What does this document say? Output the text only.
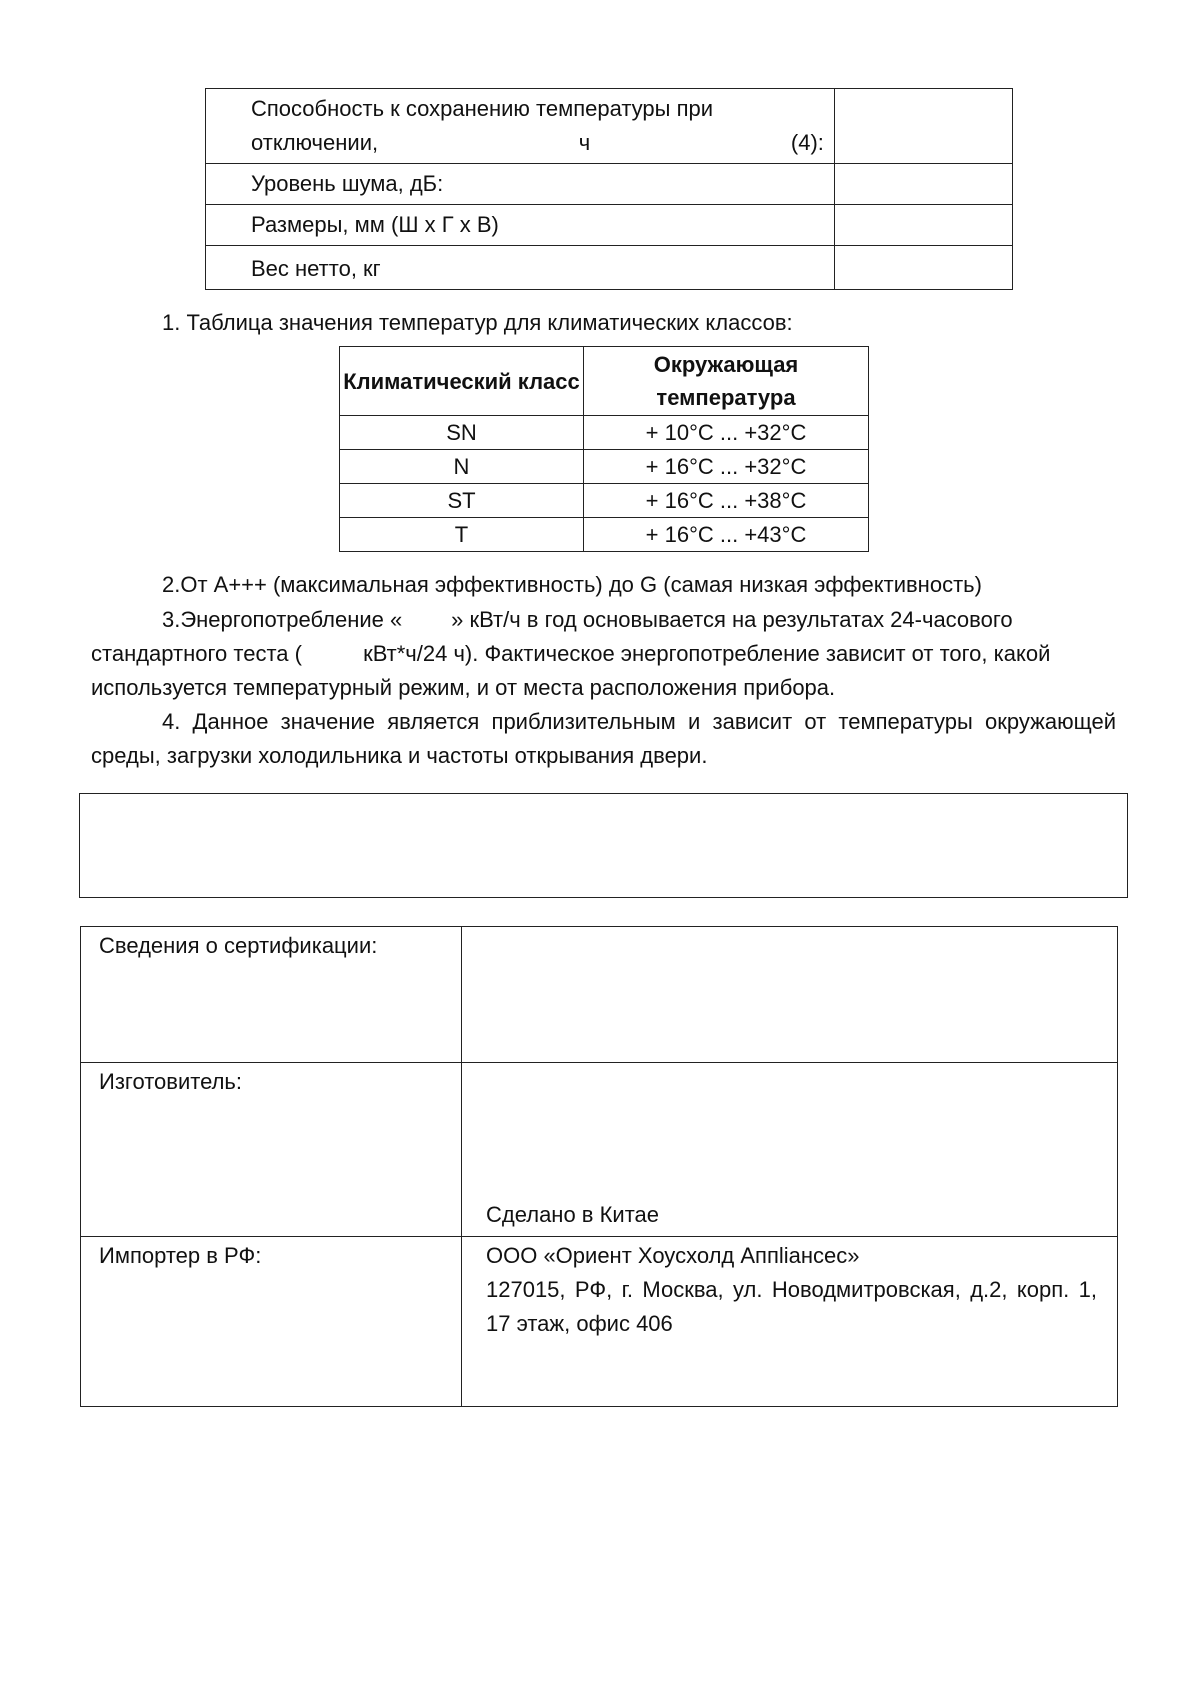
Способность к сохранению температуры при отключении, ч (4):	

Уровень шума, дБ:	
Размеры, мм (Ш х Г х В)	
Вес нетто, кг	
1. Таблица значения температур для климатических классов:
Климатический класс	Окружающая температура
SN	+ 10°C ... +32°C
N	+ 16°C ... +32°C
ST	+ 16°C ... +38°C
T	+ 16°C ... +43°C
2.От А+++ (максимальная эффективность) до G (самая низкая эффективность)
3.Энергопотребление «        » кВт/ч в год основывается на результатах 24-часового
стандартного теста (          кВт*ч/24 ч). Фактическое энергопотребление зависит от того, какой используется температурный режим, и от места расположения прибора.
4. Данное значение является приблизительным и зависит от температуры окружающей среды, загрузки холодильника и частоты открывания двери.
Сведения о сертификации:	
Изготовитель:	Сделано в Китае

Импортер в РФ:	ООО «Ориент Хоусхолд Аппliансес»
127015, РФ, г. Москва, ул. Новодмитровская, д.2, корп. 1, 17 этаж, офис 406
